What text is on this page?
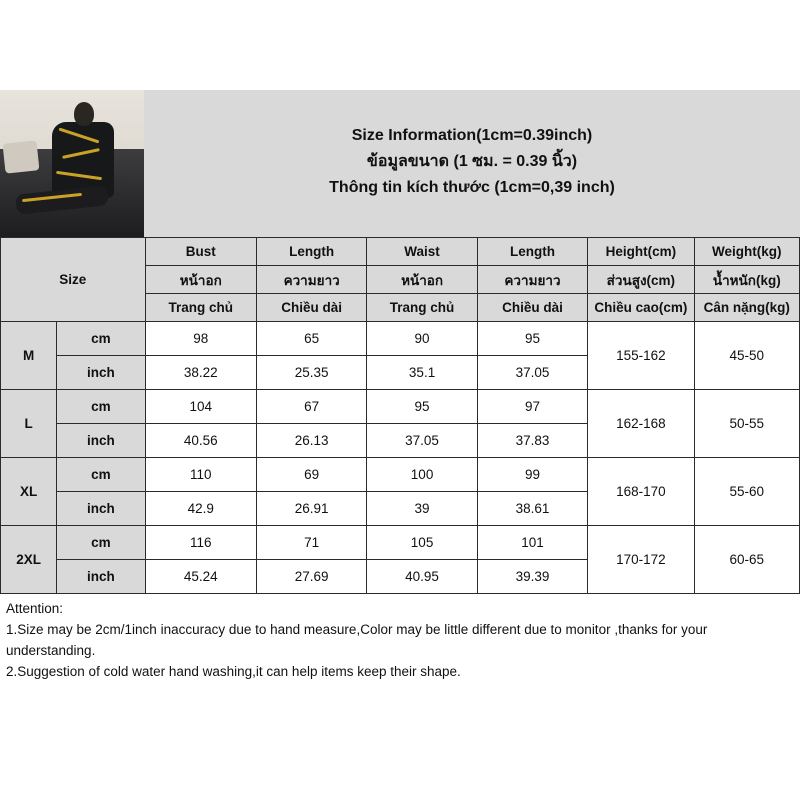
Size Information(1cm=0.39inch)
ข้อมูลขนาด (1 ซม. = 0.39 นิ้ว)
Thông tin kích thước (1cm=0,39 inch)
Size		Bust	Length	Waist	Length	Height(cm)	Weight(kg)
		หน้าอก	ความยาว	หน้าอก	ความยาว	ส่วนสูง(cm)	น้ำหนัก(kg)
		Trang chủ	Chiều dài	Trang chủ	Chiều dài	Chiều cao(cm)	Cân nặng(kg)
M	cm	98	65	90	95	155-162	45-50
	inch	38.22	25.35	35.1	37.05		
L	cm	104	67	95	97	162-168	50-55
	inch	40.56	26.13	37.05	37.83		
XL	cm	110	69	100	99	168-170	55-60
	inch	42.9	26.91	39	38.61		
2XL	cm	116	71	105	101	170-172	60-65
	inch	45.24	27.69	40.95	39.39		
Attention:
1.Size may be 2cm/1inch inaccuracy due to hand measure,Color may be little different due to monitor ,thanks for your
understanding.
2.Suggestion of cold water hand washing,it can help items keep their shape.
